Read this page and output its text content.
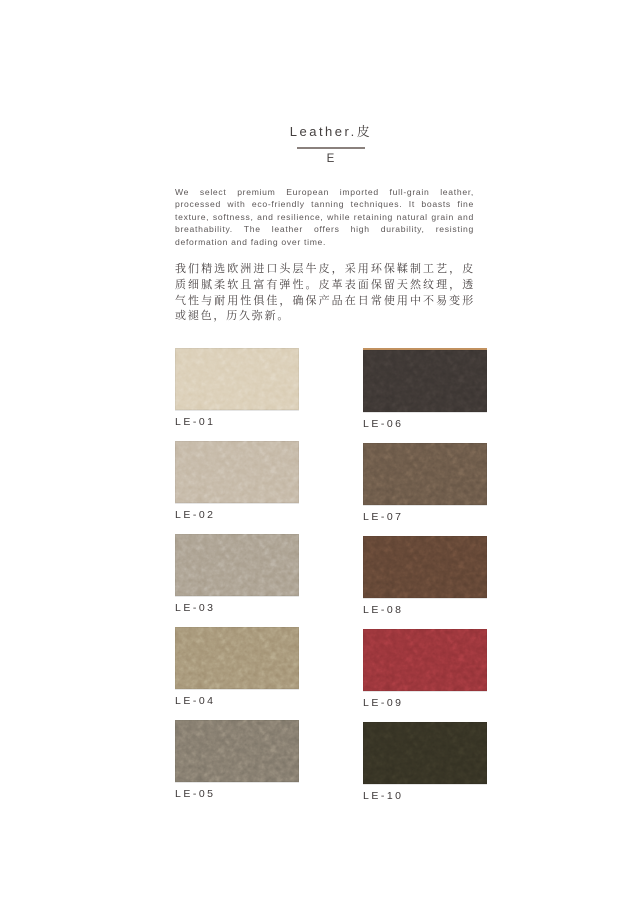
Leather.皮
E
We select premium European imported full-grain leather, processed with eco-friendly tanning techniques. It boasts fine texture, softness, and resilience, while retaining natural grain and breathability. The leather offers high durability, resisting deformation and fading over time.
我们精选欧洲进口头层牛皮，采用环保鞣制工艺，皮质细腻柔软且富有弹性。皮革表面保留天然纹理，透气性与耐用性俱佳，确保产品在日常使用中不易变形或褪色，历久弥新。
LE-01
LE-02
LE-03
LE-04
LE-05
LE-06
LE-07
LE-08
LE-09
LE-10
